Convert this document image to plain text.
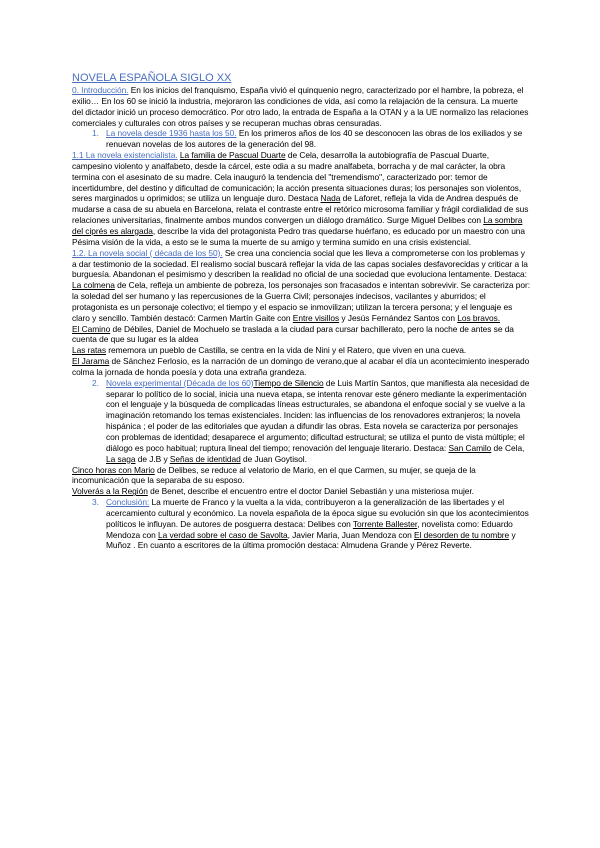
NOVELA ESPAÑOLA SIGLO XX

0. Introducción. En los inicios del franquismo, España vivió el quinquenio negro, caracterizado por el hambre, la pobreza, el exilio… En los 60 se inició la industria, mejoraron las condiciones de vida, así como la relajación de la censura. La muerte del dictador inició un proceso democrático. Por otro lado, la entrada de España a la OTAN y a la UE normalizo las relaciones comerciales y culturales con otros países y se recuperan muchas obras censuradas.

1. La novela desde 1936 hasta los 50. En los primeros años de los 40 se desconocen las obras de los exiliados y se renuevan novelas de los autores de la generación del 98.

1.1 La novela existencialista. La familia de Pascual Duarte de Cela, desarrolla la autobiografía de Pascual Duarte, campesino violento y analfabeto, desde la cárcel, este odia a su madre analfabeta, borracha y de mal carácter, la obra termina con el asesinato de su madre. Cela inauguró la tendencia del "tremendismo", caracterizado por: temor de incertidumbre, del destino y dificultad de comunicación; la acción presenta situaciones duras; los personajes son violentos, seres marginados u oprimidos; se utiliza un lenguaje duro. Destaca Nada de Laforet, refleja la vida de Andrea después de mudarse a casa de su abuela en Barcelona, relata el contraste entre el retórico microsoma familiar y frágil cordialidad de sus relaciones universitarias, finalmente ambos mundos convergen un diálogo dramático. Surge Miguel Delibes con La sombra del ciprés es alargada, describe la vida del protagonista Pedro tras quedarse huérfano, es educado por un maestro con una Pésima visión de la vida, a esto se le suma la muerte de su amigo y termina sumido en una crisis existencial.

1.2. La novela social ( década de los 50). Se crea una conciencia social que les lleva a comprometerse con los problemas y a dar testimonio de la sociedad. El realismo social buscará reflejar la vida de las capas sociales desfavorecidas y criticar a la burguesía. Abandonan el pesimismo y describen la realidad no oficial de una sociedad que evoluciona lentamente. Destaca: La colmena de Cela, refleja un ambiente de pobreza, los personajes son fracasados e intentan sobrevivir. Se caracteriza por: la soledad del ser humano y las repercusiones de la Guerra Civil; personajes indecisos, vacilantes y aburridos; el protagonista es un personaje colectivo; el tiempo y el espacio se inmovilizan; utilizan la tercera persona; y el lenguaje es claro y sencillo. También destacó: Carmen Martín Gaite con Entre visillos y Jesús Fernández Santos con Los bravos.

El Camino de Débiles, Daniel de Mochuelo se traslada a la ciudad para cursar bachillerato, pero la noche de antes se da cuenta de que su lugar es la aldea

Las ratas rememora un pueblo de Castilla, se centra en la vida de Nini y el Ratero, que viven en una cueva.

El Jarama de Sánchez Ferlosio, es la narración de un domingo de verano,que al acabar el día un acontecimiento inesperado colma la jornada de honda poesía y dota una extraña grandeza.

2. Novela experimental (Década de los 60)Tiempo de Silencio de Luis Martín Santos, que manifiesta ala necesidad de separar lo político de lo social, inicia una nueva etapa, se intenta renovar este género mediante la experimentación con el lenguaje y la búsqueda de complicadas líneas estructurales, se abandona el enfoque social y se vuelve a la imaginación retomando los temas existenciales. Inciden: las influencias de los renovadores extranjeros; la novela hispánica ; el poder de las editoriales que ayudan a difundir las obras. Esta novela se caracteriza por personajes con problemas de identidad; desaparece el argumento; dificultad estructural; se utiliza el punto de vista múltiple; el diálogo es poco habitual; ruptura lineal del tiempo; renovación del lenguaje literario. Destaca: San Camilo de Cela, La saga de J.B y Señas de identidad de Juan Goytisol.

Cinco horas con Mario de Delibes, se reduce al velatorio de Mario, en el que Carmen, su mujer, se queja de la incomunicación que la separaba de su esposo.

Volverás a la Región de Benet, describe el encuentro entre el doctor Daniel Sebastián y una misteriosa mujer.

3. Conclusión: La muerte de Franco y la vuelta a la vida, contribuyeron a la generalización de las libertades y el acercamiento cultural y económico. La novela española de la época sigue su evolución sin que los acontecimientos políticos le influyan. De autores de posguerra destaca: Delibes con Torrente Ballester, novelista como: Eduardo Mendoza con La verdad sobre el caso de Savolta, Javier Maria, Juan Mendoza con El desorden de tu nombre y Muñoz . En cuanto a escritores de la última promoción destaca: Almudena Grande y Pérez Reverte.
